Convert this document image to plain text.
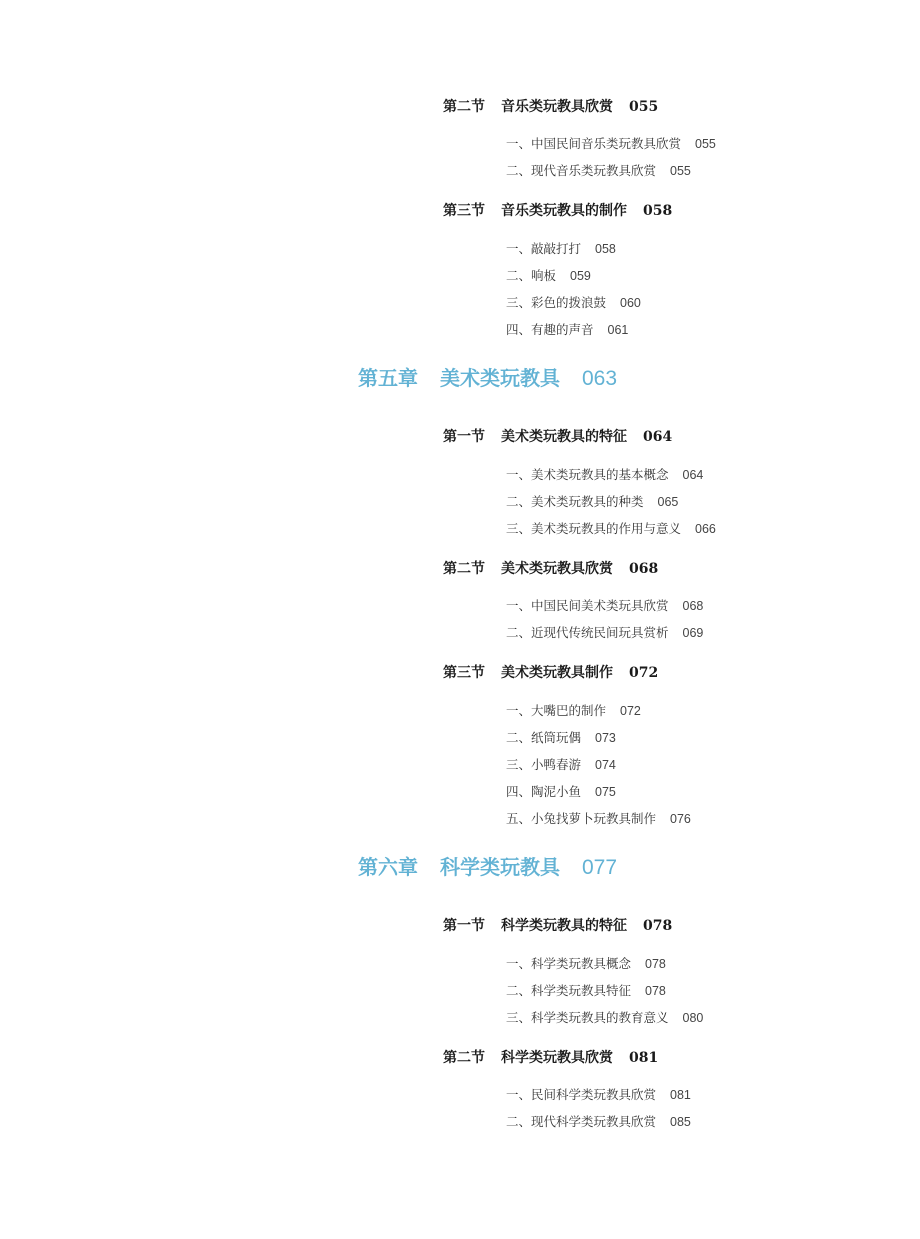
第二节 音乐类玩教具欣赏 055
一、中国民间音乐类玩教具欣赏 055
二、现代音乐类玩教具欣赏 055
第三节 音乐类玩教具的制作 058
一、敲敲打打 058
二、响板 059
三、彩色的拨浪鼓 060
四、有趣的声音 061
第五章 美术类玩教具 063
第一节 美术类玩教具的特征 064
一、美术类玩教具的基本概念 064
二、美术类玩教具的种类 065
三、美术类玩教具的作用与意义 066
第二节 美术类玩教具欣赏 068
一、中国民间美术类玩具欣赏 068
二、近现代传统民间玩具赏析 069
第三节 美术类玩教具制作 072
一、大嘴巴的制作 072
二、纸筒玩偶 073
三、小鸭春游 074
四、陶泥小鱼 075
五、小兔找萝卜玩教具制作 076
第六章 科学类玩教具 077
第一节 科学类玩教具的特征 078
一、科学类玩教具概念 078
二、科学类玩教具特征 078
三、科学类玩教具的教育意义 080
第二节 科学类玩教具欣赏 081
一、民间科学类玩教具欣赏 081
二、现代科学类玩教具欣赏 085
